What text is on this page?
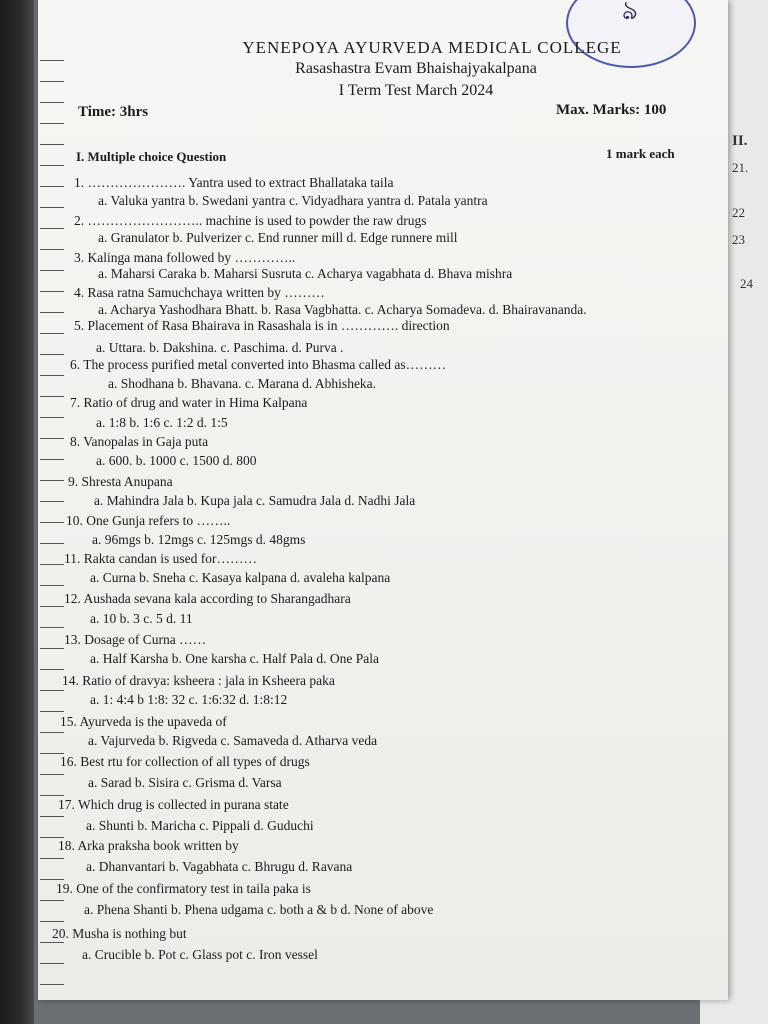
II.
21.
22
23
24
ঌ
YENEPOYA AYURVEDA MEDICAL COLLEGE
Rasashastra Evam Bhaishajyakalpana
I Term Test March 2024
Time: 3hrs	Max. Marks: 100
I. Multiple choice Question	1 mark each
1. …………………. Yantra used to extract Bhallataka taila
a. Valuka yantra b. Swedani yantra c. Vidyadhara yantra d. Patala yantra
2. …………………….. machine is used to powder the raw drugs
a. Granulator b. Pulverizer c. End runner mill d. Edge runnere mill
3. Kalinga mana followed by …………..
a. Maharsi Caraka b. Maharsi Susruta c. Acharya vagabhata d. Bhava mishra
4. Rasa ratna Samuchchaya written by ………
a. Acharya Yashodhara Bhatt. b. Rasa Vagbhatta. c. Acharya Somadeva. d. Bhairavananda.
5. Placement of Rasa Bhairava in Rasashala is in …………. direction
a. Uttara. b. Dakshina. c. Paschima. d. Purva .
6. The process purified metal converted into Bhasma called as………
a. Shodhana b. Bhavana. c. Marana d. Abhisheka.
7. Ratio of drug and water in Hima Kalpana
a. 1:8 b. 1:6 c. 1:2 d. 1:5
8. Vanopalas in Gaja puta
a. 600. b. 1000 c. 1500 d. 800
9. Shresta Anupana
a. Mahindra Jala b. Kupa jala c. Samudra Jala d. Nadhi Jala
10. One Gunja refers to ……..
a. 96mgs b. 12mgs c. 125mgs d. 48gms
11. Rakta candan is used for………
a. Curna b. Sneha c. Kasaya kalpana d. avaleha kalpana
12. Aushada sevana kala according to Sharangadhara
a. 10 b. 3 c. 5 d. 11
13. Dosage of Curna ……
a. Half Karsha b. One karsha c. Half Pala d. One Pala
14. Ratio of dravya: ksheera : jala in Ksheera paka
a. 1: 4:4 b 1:8: 32 c. 1:6:32 d. 1:8:12
15. Ayurveda is the upaveda of
a. Vajurveda b. Rigveda c. Samaveda d. Atharva veda
16. Best rtu for collection of all types of drugs
a. Sarad b. Sisira c. Grisma d. Varsa
17. Which drug is collected in purana state
a. Shunti b. Maricha c. Pippali d. Guduchi
18. Arka praksha book written by
a. Dhanvantari b. Vagabhata c. Bhrugu d. Ravana
19. One of the confirmatory test in taila paka is
a. Phena Shanti b. Phena udgama c. both a & b d. None of above
20. Musha is nothing but
a. Crucible b. Pot c. Glass pot c. Iron vessel
